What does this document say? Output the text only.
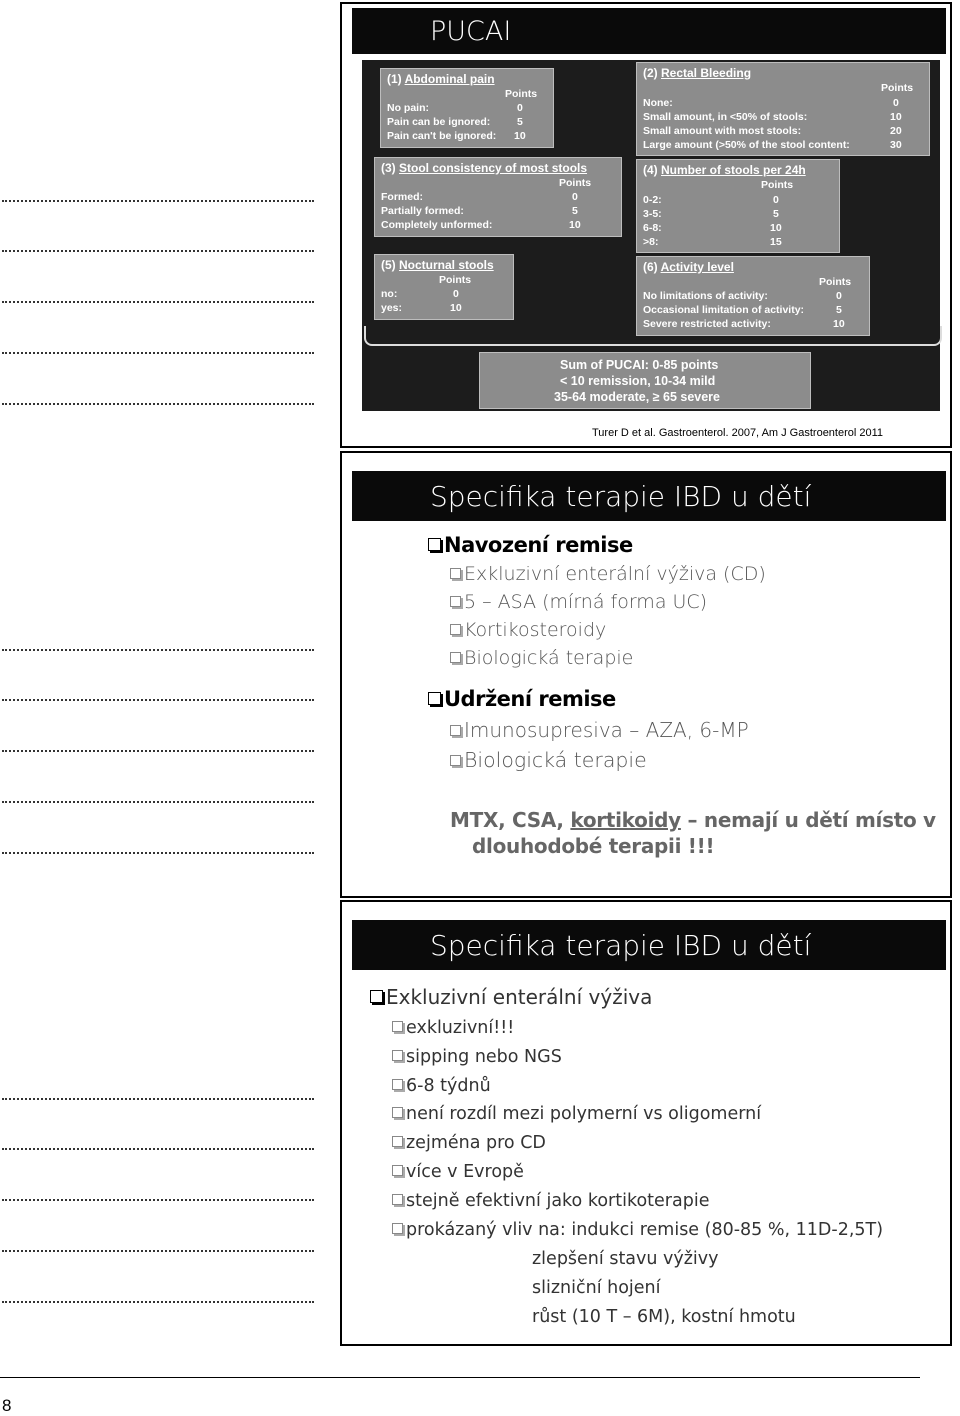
PUCAI
(1) Abdominal pain
Points
No pain:	0
Pain can be ignored:	5
Pain can't be ignored: 10
(2) Rectal Bleeding
Points
None:	0
Small amount, in <50% of stools:	10
Small amount with most stools:	20
Large amount (>50% of the stool content:	30
(3) Stool consistency of most stools
Points
Formed:	0
Partially formed:	5
Completely unformed:	10
(4) Number of stools per 24h
Points
0-2:	0
3-5:	5
6-8:	10
>8:	15
(5) Nocturnal stools
Points
no:	0
yes:	10
(6) Activity level
Points
No limitations of activity:	0
Occasional limitation of activity:	5
Severe restricted activity:	10
Sum of PUCAI: 0-85 points
< 10 remission, 10-34 mild
35-64 moderate, ≥ 65 severe
Turer D et al. Gastroenterol. 2007, Am J Gastroenterol 2011
Specifika terapie IBD u dětí
Navození remise
Exkluzivní enterální výživa (CD)
5 – ASA (mírná forma UC)
Kortikosteroidy
Biologická terapie
Udržení remise
Imunosupresiva – AZA, 6-MP
Biologická terapie
MTX, CSA, kortikoidy – nemají u dětí místo v
dlouhodobé terapii !!!
Specifika terapie IBD u dětí
Exkluzivní enterální výživa
exkluzivní!!!
sipping nebo NGS
6-8 týdnů
není rozdíl mezi polymerní vs oligomerní
zejména pro CD
více v Evropě
stejně efektivní jako kortikoterapie
prokázaný vliv na: indukci remise (80-85 %, 11D-2,5T)
zlepšení stavu výživy
slizniční hojení
růst (10 T – 6M), kostní hmotu
8
